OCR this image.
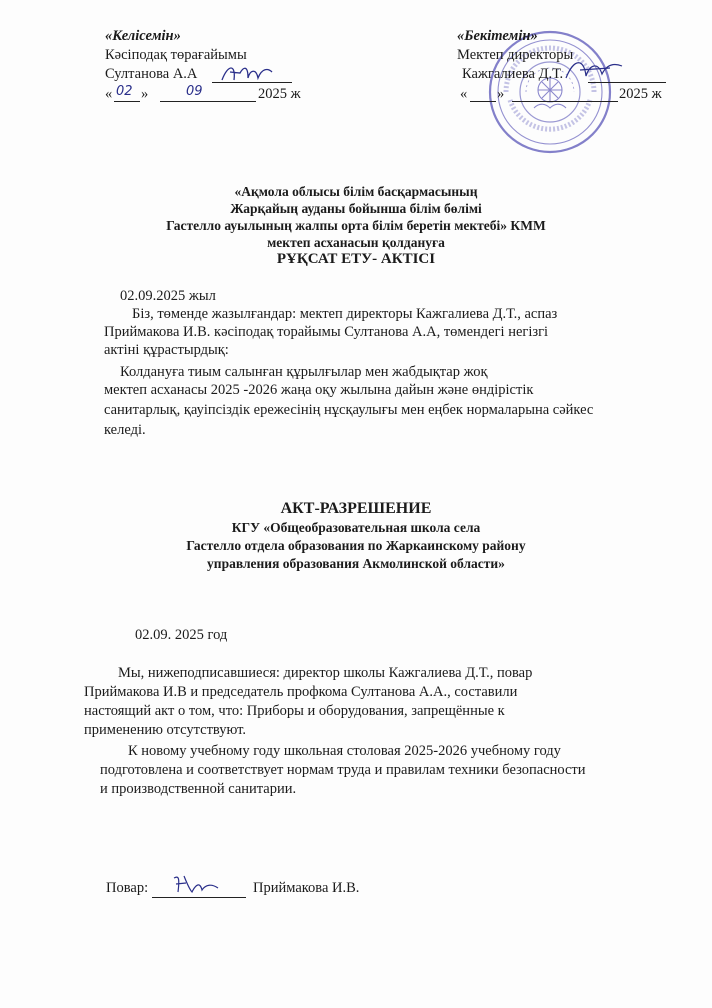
«Келісемін»
Кәсіподақ төрағайымы
Султанова А.А
« 02 »	09	2025 ж
«Бекітемін»
Мектеп директоры
Кажгалиева Д.Т.
« »	2025 ж
«Ақмола облысы білім басқармасының
Жарқайың ауданы бойынша білім бөлімі
Гастелло ауылының жалпы орта білім беретін мектебі» КММ
мектеп асханасын қолдануға
РҰҚСАТ ЕТУ- АКТІСІ
02.09.2025 жыл
Біз, төменде жазылғандар: мектеп директоры Кажгалиева Д.Т., аспаз
Приймакова И.В. кәсіподақ торайымы Султанова А.А, төмендегі негізгі
актіні құрастырдық:
Колдануға тиым салынған құрылғылар мен жабдықтар жоқ
мектеп асханасы 2025 -2026 жаңа оқу жылына дайын және өндірістік
санитарлық, қауіпсіздік ережесінің нұсқаулығы мен еңбек нормаларына сәйкес
келеді.
АКТ-РАЗРЕШЕНИЕ
КГУ «Общеобразовательная школа села
Гастелло отдела образования по Жаркаинскому району
управления образования Акмолинской области»
02.09. 2025 год
Мы, нижеподписавшиеся: директор школы Кажгалиева Д.Т., повар
Приймакова И.В и председатель профкома Султанова А.А., составили
настоящий акт о том, что: Приборы и оборудования, запрещённые к
применению отсутствуют.
К новому учебному году школьная столовая 2025-2026 учебному году
подготовлена и соответствует нормам труда и правилам техники безопасности
и производственной санитарии.
Повар:	Приймакова И.В.
